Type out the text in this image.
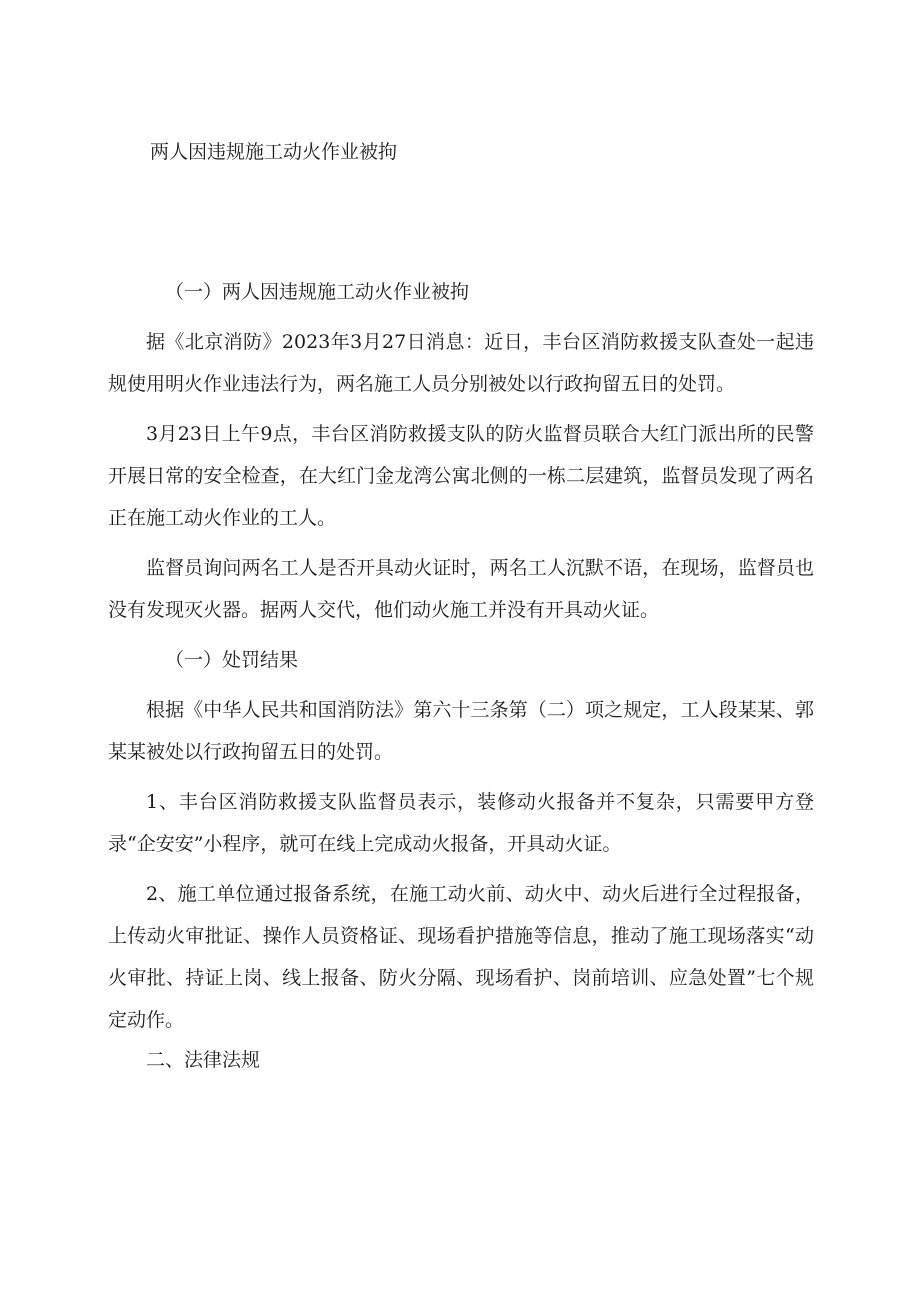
两人因违规施工动火作业被拘

（一）两人因违规施工动火作业被拘

据《北京消防》2023年3月27日消息：近日，丰台区消防救援支队查处一起违规使用明火作业违法行为，两名施工人员分别被处以行政拘留五日的处罚。

3月23日上午9点，丰台区消防救援支队的防火监督员联合大红门派出所的民警开展日常的安全检查，在大红门金龙湾公寓北侧的一栋二层建筑，监督员发现了两名正在施工动火作业的工人。

监督员询问两名工人是否开具动火证时，两名工人沉默不语，在现场，监督员也没有发现灭火器。据两人交代，他们动火施工并没有开具动火证。

（一）处罚结果

根据《中华人民共和国消防法》第六十三条第（二）项之规定，工人段某某、郭某某被处以行政拘留五日的处罚。

1、丰台区消防救援支队监督员表示，装修动火报备并不复杂，只需要甲方登录“企安安”小程序，就可在线上完成动火报备，开具动火证。

2、施工单位通过报备系统，在施工动火前、动火中、动火后进行全过程报备，上传动火审批证、操作人员资格证、现场看护措施等信息，推动了施工现场落实“动火审批、持证上岗、线上报备、防火分隔、现场看护、岗前培训、应急处置”七个规定动作。

二、法律法规
